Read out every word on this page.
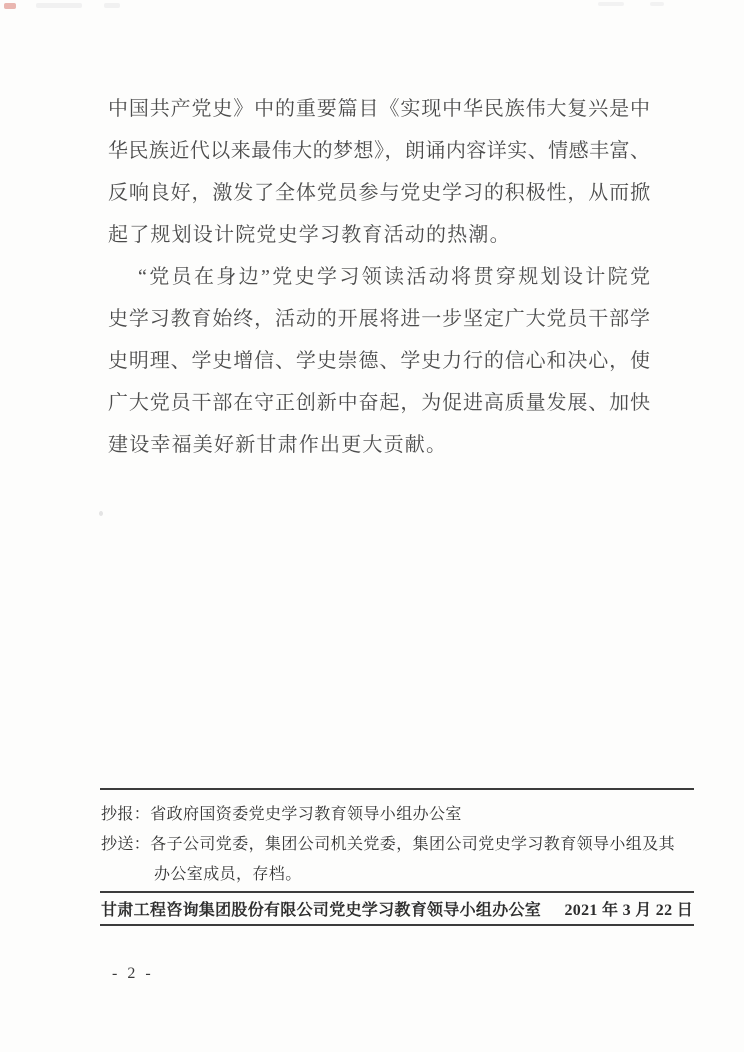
中国共产党史》中的重要篇目《实现中华民族伟大复兴是中
华民族近代以来最伟大的梦想》，朗诵内容详实、情感丰富、
反响良好，激发了全体党员参与党史学习的积极性，从而掀
起了规划设计院党史学习教育活动的热潮。
“党员在身边”党史学习领读活动将贯穿规划设计院党
史学习教育始终，活动的开展将进一步坚定广大党员干部学
史明理、学史增信、学史崇德、学史力行的信心和决心，使
广大党员干部在守正创新中奋起，为促进高质量发展、加快
建设幸福美好新甘肃作出更大贡献。
抄报：省政府国资委党史学习教育领导小组办公室
抄送：各子公司党委，集团公司机关党委，集团公司党史学习教育领导小组及其
办公室成员，存档。
甘肃工程咨询集团股份有限公司党史学习教育领导小组办公室 2021 年 3 月 22 日
- 2 -
